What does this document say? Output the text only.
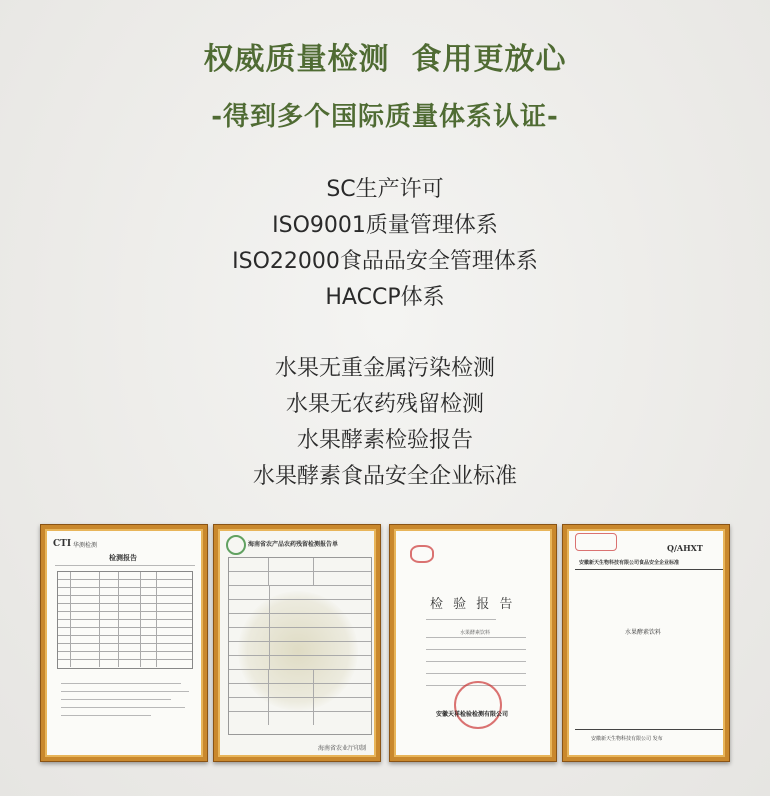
权威质量检测 食用更放心
-得到多个国际质量体系认证-
SC生产许可
ISO9001质量管理体系
ISO22000食品品安全管理体系
HACCP体系
水果无重金属污染检测
水果无农药残留检测
水果酵素检验报告
水果酵素食品安全企业标准
CTI 华测检测
检测报告
海南省农产品农药残留检测报告单
海南省农业厅印制
检 验 报 告
水果酵素饮料
安徽天祥检验检测有限公司
Q/AHXT
安徽新天生物科技有限公司食品安全企业标准
水果酵素饮料
安徽新天生物科技有限公司 发布
